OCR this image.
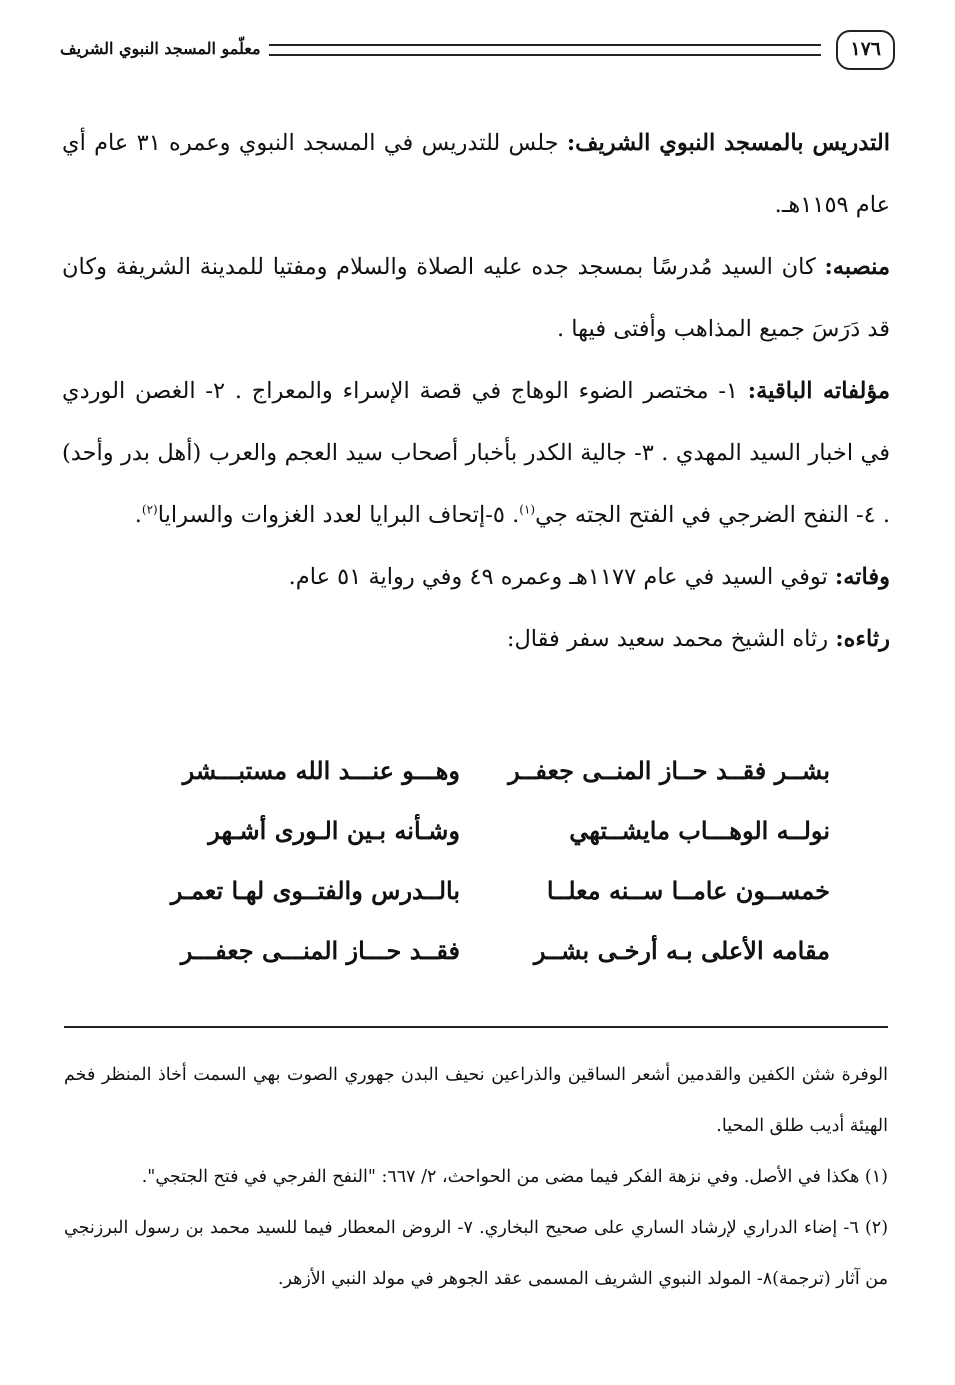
معلّمو المسجد النبوي الشريف	١٧٦

التدريس بالمسجد النبوي الشريف: جلس للتدريس في المسجد النبوي وعمره ٣١ عام أي عام ١١٥٩هـ.

منصبه: كان السيد مُدرسًا بمسجد جده عليه الصلاة والسلام ومفتيا للمدينة الشريفة وكان قد دَرَسَ جميع المذاهب وأفتى فيها .

مؤلفاته الباقية: ١- مختصر الضوء الوهاج في قصة الإسراء والمعراج . ٢- الغصن الوردي في اخبار السيد المهدي . ٣- جالية الكدر بأخبار أصحاب سيد العجم والعرب (أهل بدر وأحد) . ٤- النفح الضرجي في الفتح الجته جي$^{(١)}$. ٥-إتحاف البرايا لعدد الغزوات والسرايا$^{(٢)}$.

وفاته: توفي السيد في عام ١١٧٧هـ وعمره ٤٩ وفي رواية ٥١ عام.

رثاءه: رثاه الشيخ محمد سعيد سفر فقال:

بشــر فقــد حــاز المنــى جعفــر
وهـــو عنـــد الله مستبـــشر
نولــه الوهـــاب مايشــتهي
وشـأنه بـين الـورى أشـهر
خمســون عامــا ســنه معلــا
بالــدرس والفتــوى لهـا تعمـر
مقامه الأعلى بـه أرخـى بشــر
فقــد حـــاز المنـــى جعفـــر

الوفرة شثن الكفين والقدمين أشعر الساقين والذراعين نحيف البدن جهوري الصوت بهي السمت أخاذ المنظر فخم الهيئة أديب طلق المحيا.

(١) هكذا في الأصل. وفي نزهة الفكر فيما مضى من الحواحث، ٢/ ٦٦٧: "النفح الفرجي في فتح الجتجي".

(٢) ٦- إضاء الدراري لإرشاد الساري على صحيح البخاري. ٧- الروض المعطار فيما للسيد محمد بن رسول البرزنجي من آثار (ترجمة)٨- المولد النبوي الشريف المسمى عقد الجوهر في مولد النبي الأزهر.
